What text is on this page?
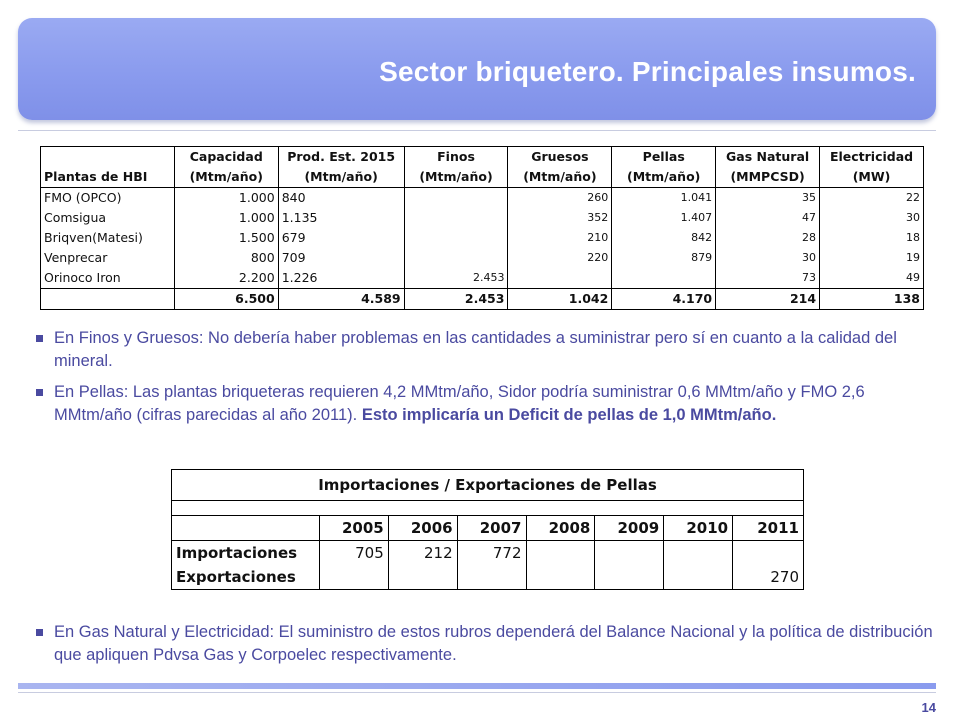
Sector briquetero. Principales insumos.
	Capacidad	Prod. Est. 2015	Finos	Gruesos	Pellas	Gas Natural	Electricidad
Plantas de HBI	(Mtm/año)	(Mtm/año)	(Mtm/año)	(Mtm/año)	(Mtm/año)	(MMPCSD)	(MW)
FMO (OPCO)	1.000	840		260	1.041	35	22
Comsigua	1.000	1.135		352	1.407	47	30
Briqven(Matesi)	1.500	679		210	842	28	18
Venprecar	800	709		220	879	30	19
Orinoco Iron	2.200	1.226	2.453			73	49
	6.500	4.589	2.453	1.042	4.170	214	138
En Finos y Gruesos: No debería haber problemas en las cantidades a suministrar pero sí en cuanto a la calidad del mineral.
En Pellas: Las plantas briqueteras requieren 4,2 MMtm/año, Sidor podría suministrar 0,6 MMtm/año y FMO 2,6 MMtm/año (cifras parecidas al año 2011). Esto implicaría un Deficit de pellas de 1,0 MMtm/año.
Importaciones / Exportaciones de Pellas							

	2005	2006	2007	2008	2009	2010	2011
Importaciones	705	212	772				
Exportaciones							270
En Gas Natural y Electricidad: El suministro de estos rubros dependerá del Balance Nacional y la política de distribución que apliquen Pdvsa Gas y Corpoelec respectivamente.
14
